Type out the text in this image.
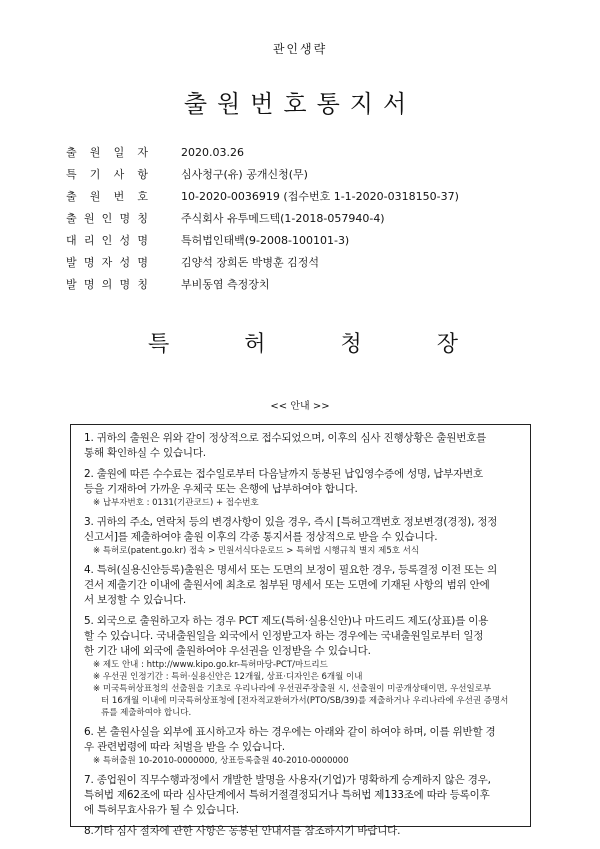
관인생략
출원번호통지서
출 원 일 자	2020.03.26
특 기 사 항	심사청구(유) 공개신청(무)
출 원 번 호	10-2020-0036919 (접수번호 1-1-2020-0318150-37)
출 원 인 명 칭	주식회사 유투메드텍(1-2018-057940-4)
대 리 인 성 명	특허법인태백(9-2008-100101-3)
발 명 자 성 명	김양석 장희돈 박병훈 김정석
발 명 의 명 칭	부비동염 측정장치
특	허	청	장
<< 안내 >>
1. 귀하의 출원은 위와 같이 정상적으로 접수되었으며, 이후의 심사 진행상황은 출원번호를
통해 확인하실 수 있습니다.
2. 출원에 따른 수수료는 접수일로부터 다음날까지 동봉된 납입영수증에 성명, 납부자번호
등을 기재하여 가까운 우체국 또는 은행에 납부하여야 합니다.
※ 납부자번호 : 0131(기관코드) + 접수번호
3. 귀하의 주소, 연락처 등의 변경사항이 있을 경우, 즉시 [특허고객번호 정보변경(경정), 정정
신고서]를 제출하여야 출원 이후의 각종 통지서를 정상적으로 받을 수 있습니다.
※ 특허로(patent.go.kr) 접속 > 민원서식다운로드 > 특허법 시행규칙 별지 제5호 서식
4. 특허(실용신안등록)출원은 명세서 또는 도면의 보정이 필요한 경우, 등록결정 이전 또는 의
견서 제출기간 이내에 출원서에 최초로 첨부된 명세서 또는 도면에 기재된 사항의 범위 안에
서 보정할 수 있습니다.
5. 외국으로 출원하고자 하는 경우 PCT 제도(특허·실용신안)나 마드리드 제도(상표)를 이용
할 수 있습니다. 국내출원일을 외국에서 인정받고자 하는 경우에는 국내출원일로부터 일정
한 기간 내에 외국에 출원하여야 우선권을 인정받을 수 있습니다.
※ 제도 안내 : http://www.kipo.go.kr-특허마당-PCT/마드리드
※ 우선권 인정기간 : 특허·실용신안은 12개월, 상표·디자인은 6개월 이내
※ 미국특허상표청의 선출원을 기초로 우리나라에 우선권주장출원 시, 선출원이 미공개상태이면, 우선일로부
터 16개월 이내에 미국특허상표청에 [전자적교환허가서(PTO/SB/39)를 제출하거나 우리나라에 우선권 증명서
류를 제출하여야 합니다.
6. 본 출원사실을 외부에 표시하고자 하는 경우에는 아래와 같이 하여야 하며, 이를 위반할 경
우 관련법령에 따라 처벌을 받을 수 있습니다.
※ 특허출원 10-2010-0000000, 상표등록출원 40-2010-0000000
7. 종업원이 직무수행과정에서 개발한 발명을 사용자(기업)가 명확하게 승계하지 않은 경우,
특허법 제62조에 따라 심사단계에서 특허거절결정되거나 특허법 제133조에 따라 등록이후
에 특허무효사유가 될 수 있습니다.
8.기타 심사 절차에 관한 사항은 동봉된 안내서를 참조하시기 바랍니다.
